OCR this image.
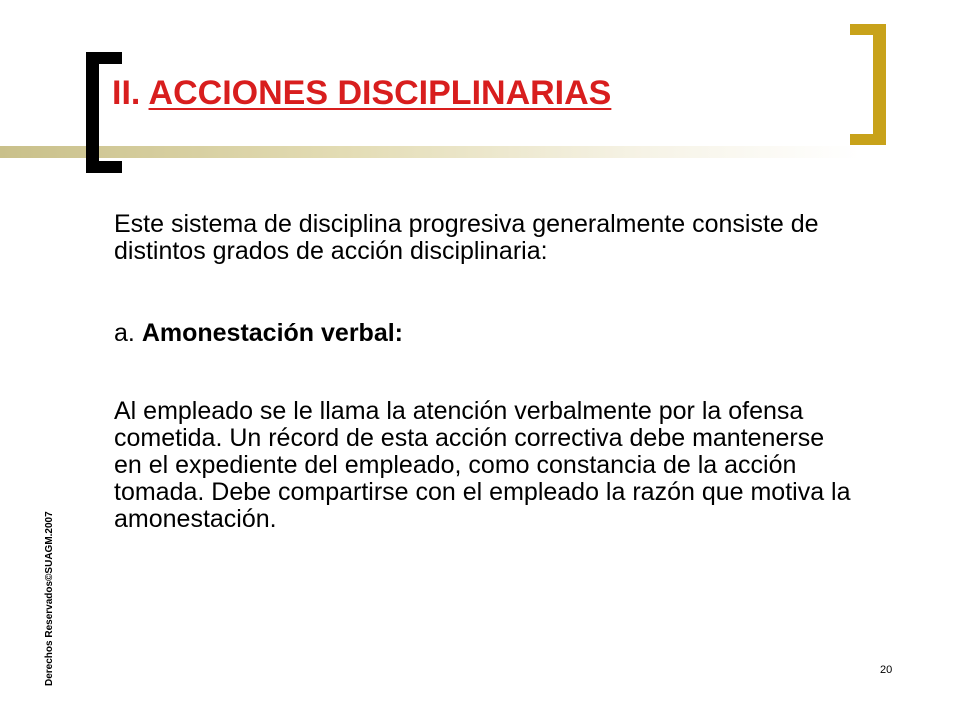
II. ACCIONES DISCIPLINARIAS
Este sistema de disciplina progresiva generalmente consiste de distintos grados de acción disciplinaria:
a. Amonestación verbal:
Al empleado se le llama la atención verbalmente por la ofensa cometida. Un récord de esta acción correctiva debe mantenerse en el expediente del empleado, como constancia de la acción tomada. Debe compartirse con el empleado la razón que motiva la amonestación.
Derechos Reservados©SUAGM.2007	20
